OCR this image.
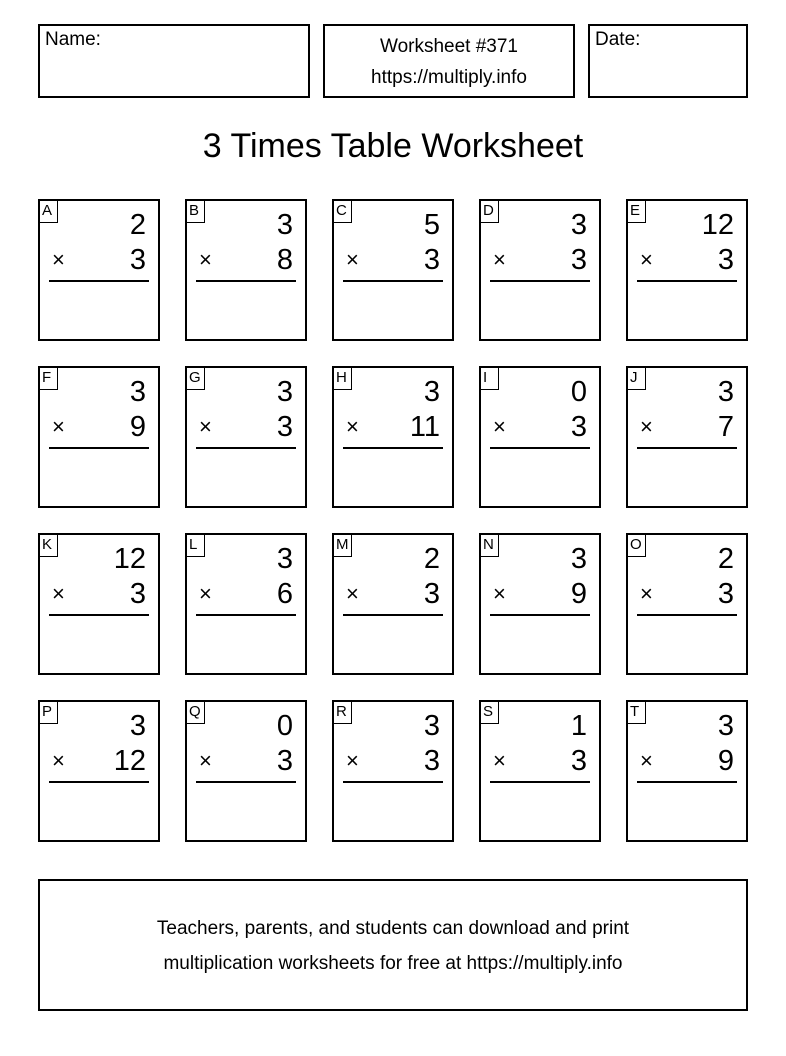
Name:	Worksheet #371
https://multiply.info
Date:
3 Times Table Worksheet
A	2
× 3
B	3
× 8
C	5
× 3
D	3
× 3
E 12
× 3
F	3
× 9
G	3
× 3
H	3
× 11
I	0
× 3
J	3
× 7
K 12
× 3
L	3
× 6
M	2
× 3
N	3
× 9
O	2
× 3
P	3
× 12
Q	0
× 3
R	3
× 3
S	1
× 3
T	3
× 9
Teachers, parents, and students can download and print
multiplication worksheets for free at https://multiply.info
